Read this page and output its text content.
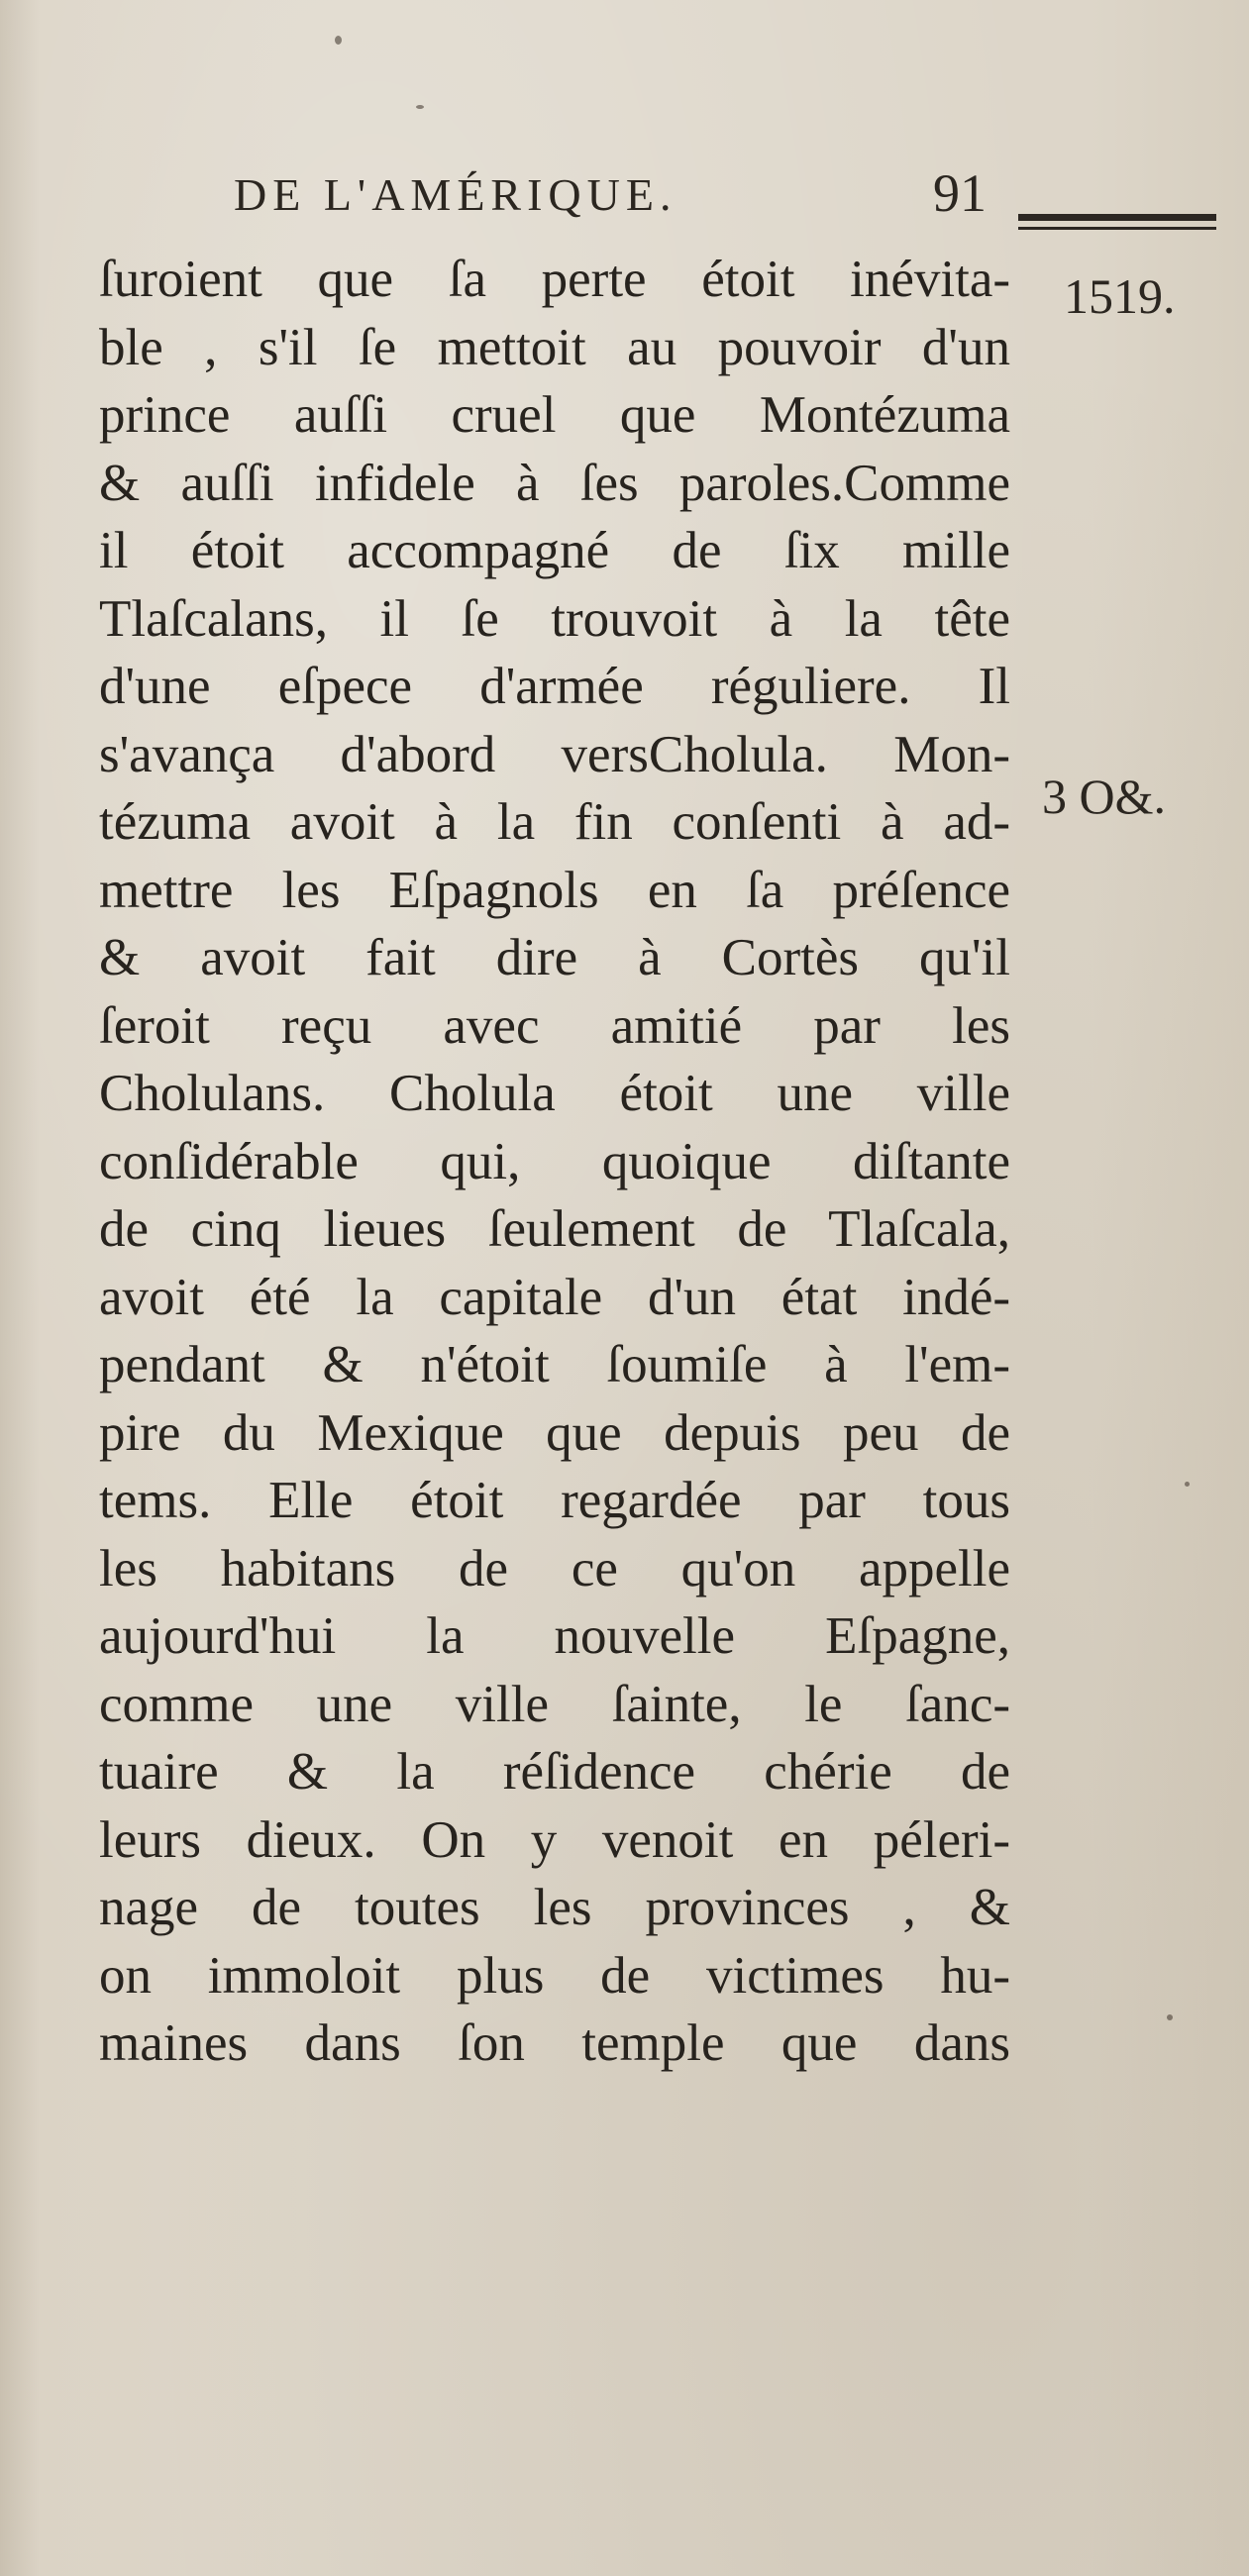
DE L'AMÉRIQUE.	91
1519.
3 O&.
ſuroient que ſa perte étoit inévita-
ble , s'il ſe mettoit au pouvoir d'un
prince auſſi cruel que Montézuma
& auſſi infidele à ſes paroles.Comme
il étoit accompagné de ſix mille
Tlaſcalans, il ſe trouvoit à la tête
d'une eſpece d'armée réguliere. Il
s'avança d'abord versCholula. Mon-
tézuma avoit à la fin conſenti à ad-
mettre les Eſpagnols en ſa préſence
& avoit fait dire à Cortès qu'il
ſeroit reçu avec amitié par les
Cholulans. Cholula étoit une ville
conſidérable qui, quoique diſtante
de cinq lieues ſeulement de Tlaſcala,
avoit été la capitale d'un état indé-
pendant & n'étoit ſoumiſe à l'em-
pire du Mexique que depuis peu de
tems. Elle étoit regardée par tous
les habitans de ce qu'on appelle
aujourd'hui la nouvelle Eſpagne,
comme une ville ſainte, le ſanc-
tuaire & la réſidence chérie de
leurs dieux. On y venoit en péleri-
nage de toutes les provinces , &
on immoloit plus de victimes hu-
maines dans ſon temple que dans
